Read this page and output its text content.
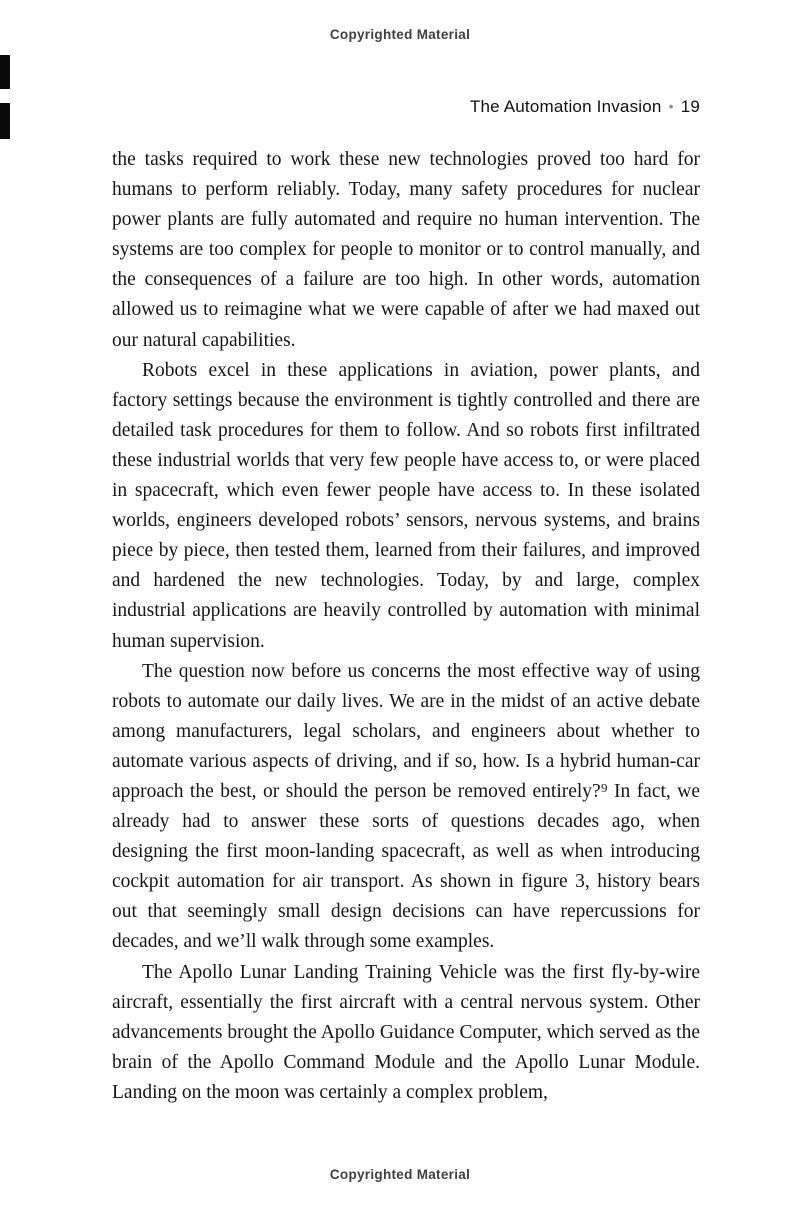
Copyrighted Material
The Automation Invasion • 19

the tasks required to work these new technologies proved too hard for humans to perform reliably. Today, many safety procedures for nuclear power plants are fully automated and require no human intervention. The systems are too complex for people to monitor or to control manually, and the consequences of a failure are too high. In other words, automation allowed us to reimagine what we were capable of after we had maxed out our natural capabilities.

Robots excel in these applications in aviation, power plants, and factory settings because the environment is tightly controlled and there are detailed task procedures for them to follow. And so robots first infiltrated these industrial worlds that very few people have access to, or were placed in spacecraft, which even fewer people have access to. In these isolated worlds, engineers developed robots’ sensors, nervous systems, and brains piece by piece, then tested them, learned from their failures, and improved and hardened the new technologies. Today, by and large, complex industrial applications are heavily controlled by automation with minimal human supervision.

The question now before us concerns the most effective way of using robots to automate our daily lives. We are in the midst of an active debate among manufacturers, legal scholars, and engineers about whether to automate various aspects of driving, and if so, how. Is a hybrid human-car approach the best, or should the person be removed entirely?⁹ In fact, we already had to answer these sorts of questions decades ago, when designing the first moon-landing spacecraft, as well as when introducing cockpit automation for air transport. As shown in figure 3, history bears out that seemingly small design decisions can have repercussions for decades, and we’ll walk through some examples.

The Apollo Lunar Landing Training Vehicle was the first fly-by-wire aircraft, essentially the first aircraft with a central nervous system. Other advancements brought the Apollo Guidance Computer, which served as the brain of the Apollo Command Module and the Apollo Lunar Module. Landing on the moon was certainly a complex problem,

Copyrighted Material
